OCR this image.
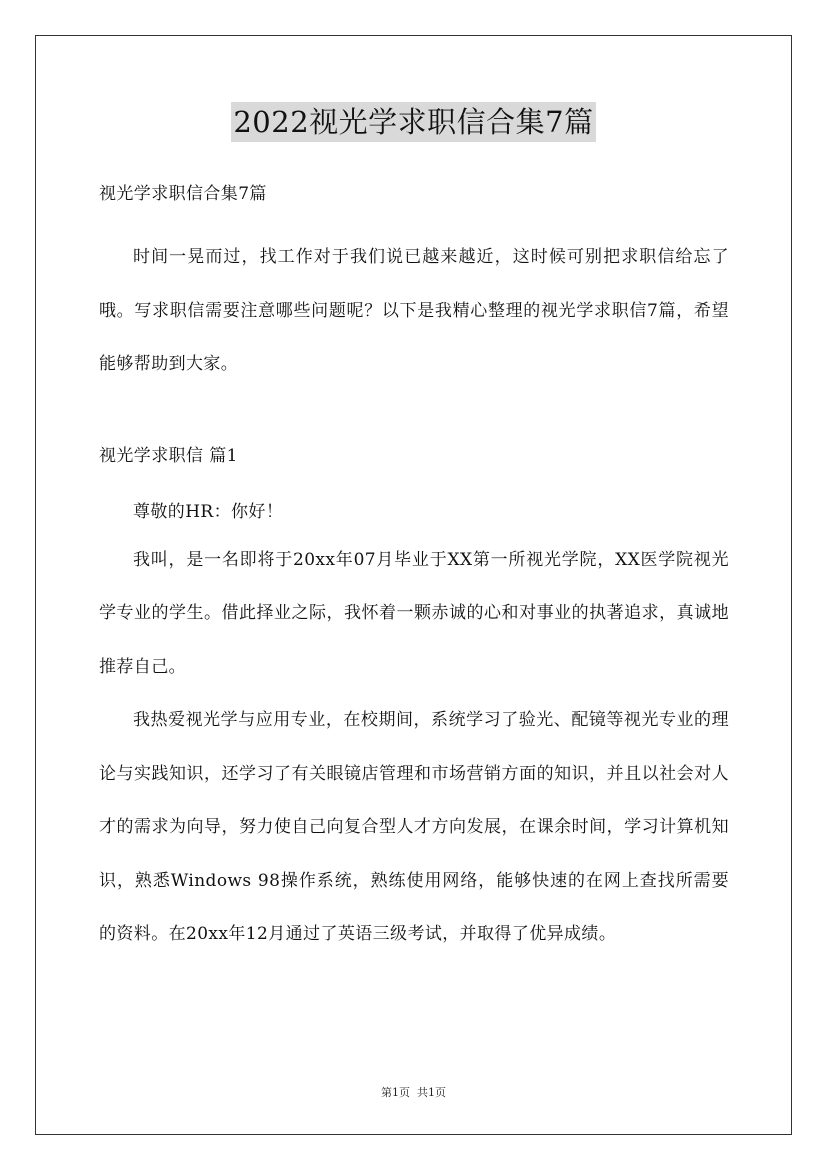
2022视光学求职信合集7篇
视光学求职信合集7篇

时间一晃而过，找工作对于我们说已越来越近，这时候可别把求职信给忘了哦。写求职信需要注意哪些问题呢？以下是我精心整理的视光学求职信7篇，希望能够帮助到大家。

视光学求职信 篇1

尊敬的HR：你好！

我叫，是一名即将于20xx年07月毕业于XX第一所视光学院，XX医学院视光学专业的学生。借此择业之际，我怀着一颗赤诚的心和对事业的执著追求，真诚地推荐自己。

我热爱视光学与应用专业，在校期间，系统学习了验光、配镜等视光专业的理论与实践知识，还学习了有关眼镜店管理和市场营销方面的知识，并且以社会对人才的需求为向导，努力使自己向复合型人才方向发展，在课余时间，学习计算机知识，熟悉Windows 98操作系统，熟练使用网络，能够快速的在网上查找所需要的资料。在20xx年12月通过了英语三级考试，并取得了优异成绩。

第1页 共1页
